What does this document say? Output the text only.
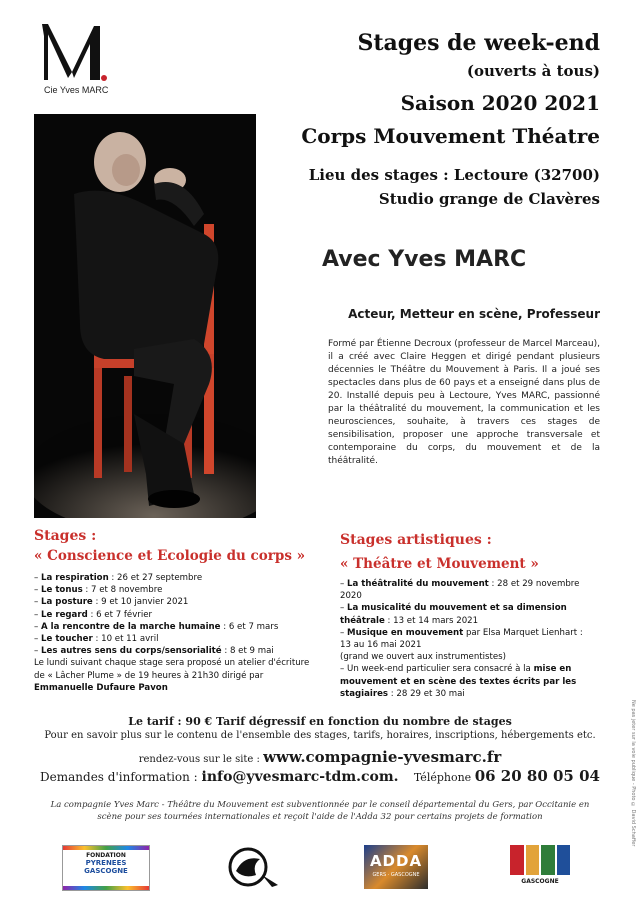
Cie Yves MARC
Stages de week-end
(ouverts à tous)
Saison 2020 2021
Corps Mouvement Théatre
Lieu des stages : Lectoure (32700)
Studio grange de Clavères
Avec Yves MARC
Acteur, Metteur en scène, Professeur
Formé par Étienne Decroux (professeur de Marcel Marceau), il a créé avec Claire Heggen et dirigé pendant plusieurs décennies le Théâtre du Mouvement à Paris. Il a joué ses spectacles dans plus de 60 pays et a enseigné dans plus de 20. Installé depuis peu à Lectoure, Yves MARC, passionné par la théâtralité du mouvement, la communication et les neurosciences, souhaite, à travers ces stages de sensibilisation, proposer une approche transversale et contemporaine du corps, du mouvement et de la théâtralité.
Stages :
« Conscience et Ecologie du corps »
– La respiration : 26 et 27 septembre
– Le tonus : 7 et 8 novembre
– La posture : 9 et 10 janvier 2021
– Le regard : 6 et 7 février
– A la rencontre de la marche humaine : 6 et 7 mars
– Le toucher : 10 et 11 avril
– Les autres sens du corps/sensorialité : 8 et 9 mai
Le lundi suivant chaque stage sera proposé un atelier d'écriture de « Lâcher Plume » de 19 heures à 21h30 dirigé par
Emmanuelle Dufaure Pavon
Stages artistiques :
« Théâtre et Mouvement »
– La théâtralité du mouvement : 28 et 29 novembre 2020
– La musicalité du mouvement et sa dimension théâtrale : 13 et 14 mars 2021
– Musique en mouvement par Elsa Marquet Lienhart :
13 au 16 mai 2021
(grand we ouvert aux instrumentistes)
– Un week-end particulier sera consacré à la mise en mouvement et en scène des textes écrits par les stagiaires : 28 29 et 30 mai
Le tarif : 90 € Tarif dégressif en fonction du nombre de stages
Pour en savoir plus sur le contenu de l'ensemble des stages, tarifs, horaires, inscriptions, hébergements etc.
rendez-vous sur le site : www.compagnie-yvesmarc.fr
Demandes d'information : info@yvesmarc-tdm.com. Téléphone 06 20 80 05 04
La compagnie Yves Marc - Théâtre du Mouvement est subventionnée par le conseil départemental du Gers, par Occitanie en scène pour ses tournées internationales et reçoit l'aide de l'Adda 32 pour certains projets de formation	Ne pas jeter sur la voie publique - Photo © David Schaffer
FONDATION
PYRENEES
GASCOGNE
ADDA
GERS · GASCOGNE
GASCOGNE
